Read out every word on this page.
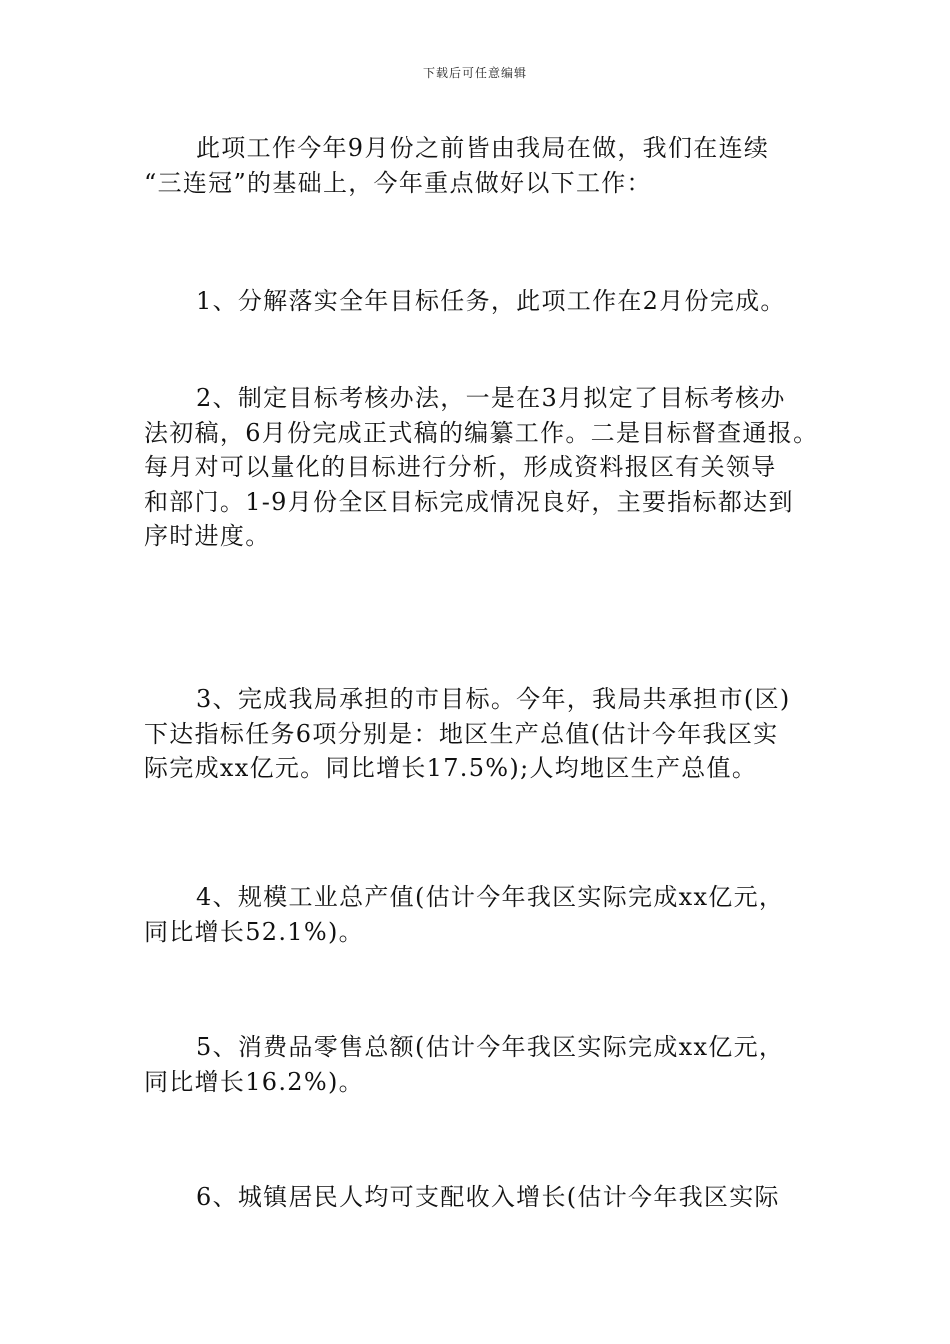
下载后可任意编辑
此项工作今年9月份之前皆由我局在做，我们在连续
“三连冠”的基础上，今年重点做好以下工作：
1、分解落实全年目标任务，此项工作在2月份完成。
2、制定目标考核办法，一是在3月拟定了目标考核办
法初稿，6月份完成正式稿的编纂工作。二是目标督查通报。
每月对可以量化的目标进行分析，形成资料报区有关领导
和部门。1-9月份全区目标完成情况良好，主要指标都达到
序时进度。
3、完成我局承担的市目标。今年，我局共承担市(区)
下达指标任务6项分别是：地区生产总值(估计今年我区实
际完成xx亿元。同比增长17.5%);人均地区生产总值。
4、规模工业总产值(估计今年我区实际完成xx亿元，
同比增长52.1%)。
5、消费品零售总额(估计今年我区实际完成xx亿元，
同比增长16.2%)。
6、城镇居民人均可支配收入增长(估计今年我区实际
